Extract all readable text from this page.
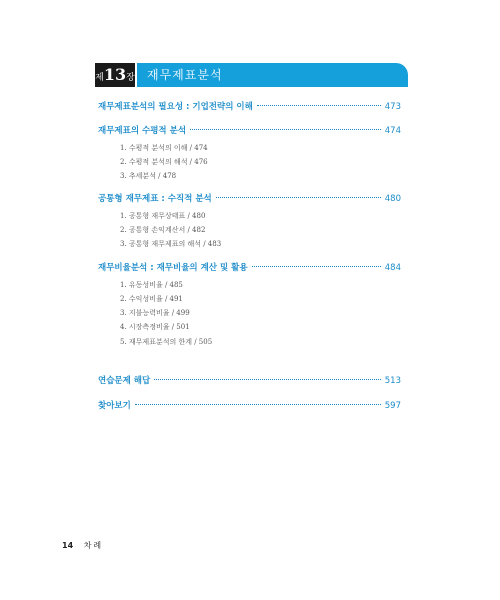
제13장 재무제표분석
재무제표분석의 필요성 : 기업전략의 이해	473
재무제표의 수평적 분석	474
1. 수평적 분석의 이해 / 474
2. 수평적 분석의 해석 / 476
3. 추세분석 / 478
공통형 재무제표 : 수직적 분석	480
1. 공통형 재무상태표 / 480
2. 공통형 손익계산서 / 482
3. 공통형 재무제표의 해석 / 483
재무비율분석 : 재무비율의 계산 및 활용	484
1. 유동성비율 / 485
2. 수익성비율 / 491
3. 지불능력비율 / 499
4. 시장측정비율 / 501
5. 재무제표분석의 한계 / 505
연습문제 해답	513
찾아보기	597
14 차례
